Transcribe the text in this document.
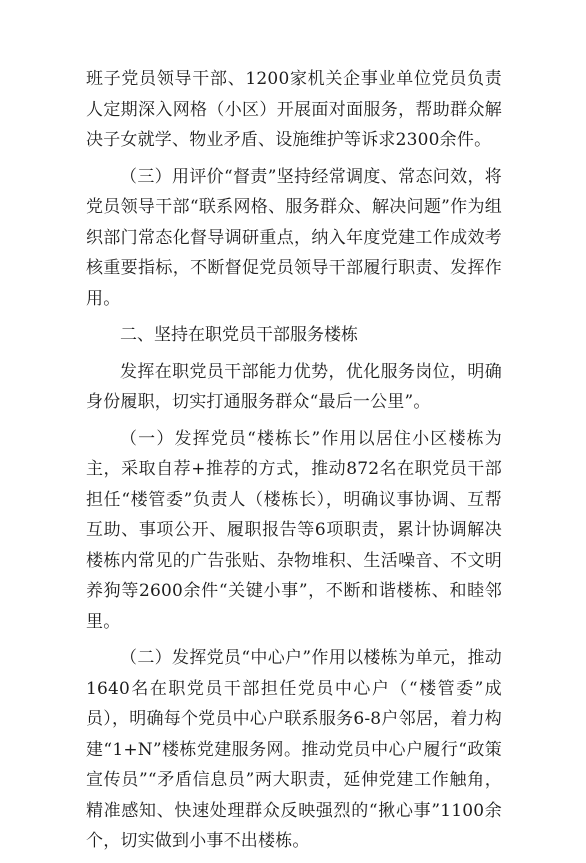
班子党员领导干部、1200家机关企事业单位党员负责人定期深入网格（小区）开展面对面服务，帮助群众解决子女就学、物业矛盾、设施维护等诉求2300余件。

（三）用评价“督责”坚持经常调度、常态问效，将党员领导干部“联系网格、服务群众、解决问题”作为组织部门常态化督导调研重点，纳入年度党建工作成效考核重要指标，不断督促党员领导干部履行职责、发挥作用。

二、坚持在职党员干部服务楼栋

发挥在职党员干部能力优势，优化服务岗位，明确身份履职，切实打通服务群众“最后一公里”。

（一）发挥党员“楼栋长”作用以居住小区楼栋为主，采取自荐+推荐的方式，推动872名在职党员干部担任“楼管委”负责人（楼栋长），明确议事协调、互帮互助、事项公开、履职报告等6项职责，累计协调解决楼栋内常见的广告张贴、杂物堆积、生活噪音、不文明养狗等2600余件“关键小事”，不断和谐楼栋、和睦邻里。

（二）发挥党员“中心户”作用以楼栋为单元，推动1640名在职党员干部担任党员中心户（“楼管委”成员），明确每个党员中心户联系服务6-8户邻居，着力构建“1+N”楼栋党建服务网。推动党员中心户履行“政策宣传员”“矛盾信息员”两大职责，延伸党建工作触角，精准感知、快速处理群众反映强烈的“揪心事”1100余个，切实做到小事不出楼栋。
